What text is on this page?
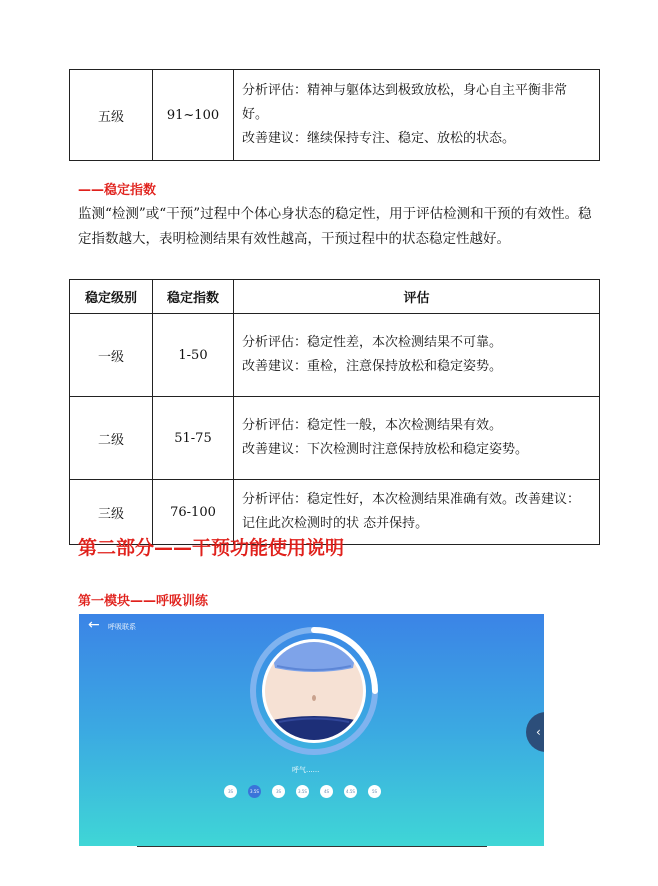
五级	91~100	
分析评估：精神与躯体达到极致放松，身心自主平衡非常好。
改善建议：继续保持专注、稳定、放松的状态。

——稳定指数

监测“检测”或“干预”过程中个体心身状态的稳定性，用于评估检测和干预的有效性。稳定指数越大，表明检测结果有效性越高，干预过程中的状态稳定性越好。

稳定级别	稳定指数	评估
一级	1-50	分析评估：稳定性差，本次检测结果不可靠。
改善建议：重检，注意保持放松和稳定姿势。

二级	51-75	分析评估：稳定性一般，本次检测结果有效。
改善建议：下次检测时注意保持放松和稳定姿势。

三级	76-100	分析评估：稳定性好，本次检测结果准确有效。改善建议：记住此次检测时的状 态并保持。
第二部分——干预功能使用说明
第一模块——呼吸训练
← 呼吸联系
呼气......
3S	3.5S	3S	3.5S	4S	4.5S	5S
‹
